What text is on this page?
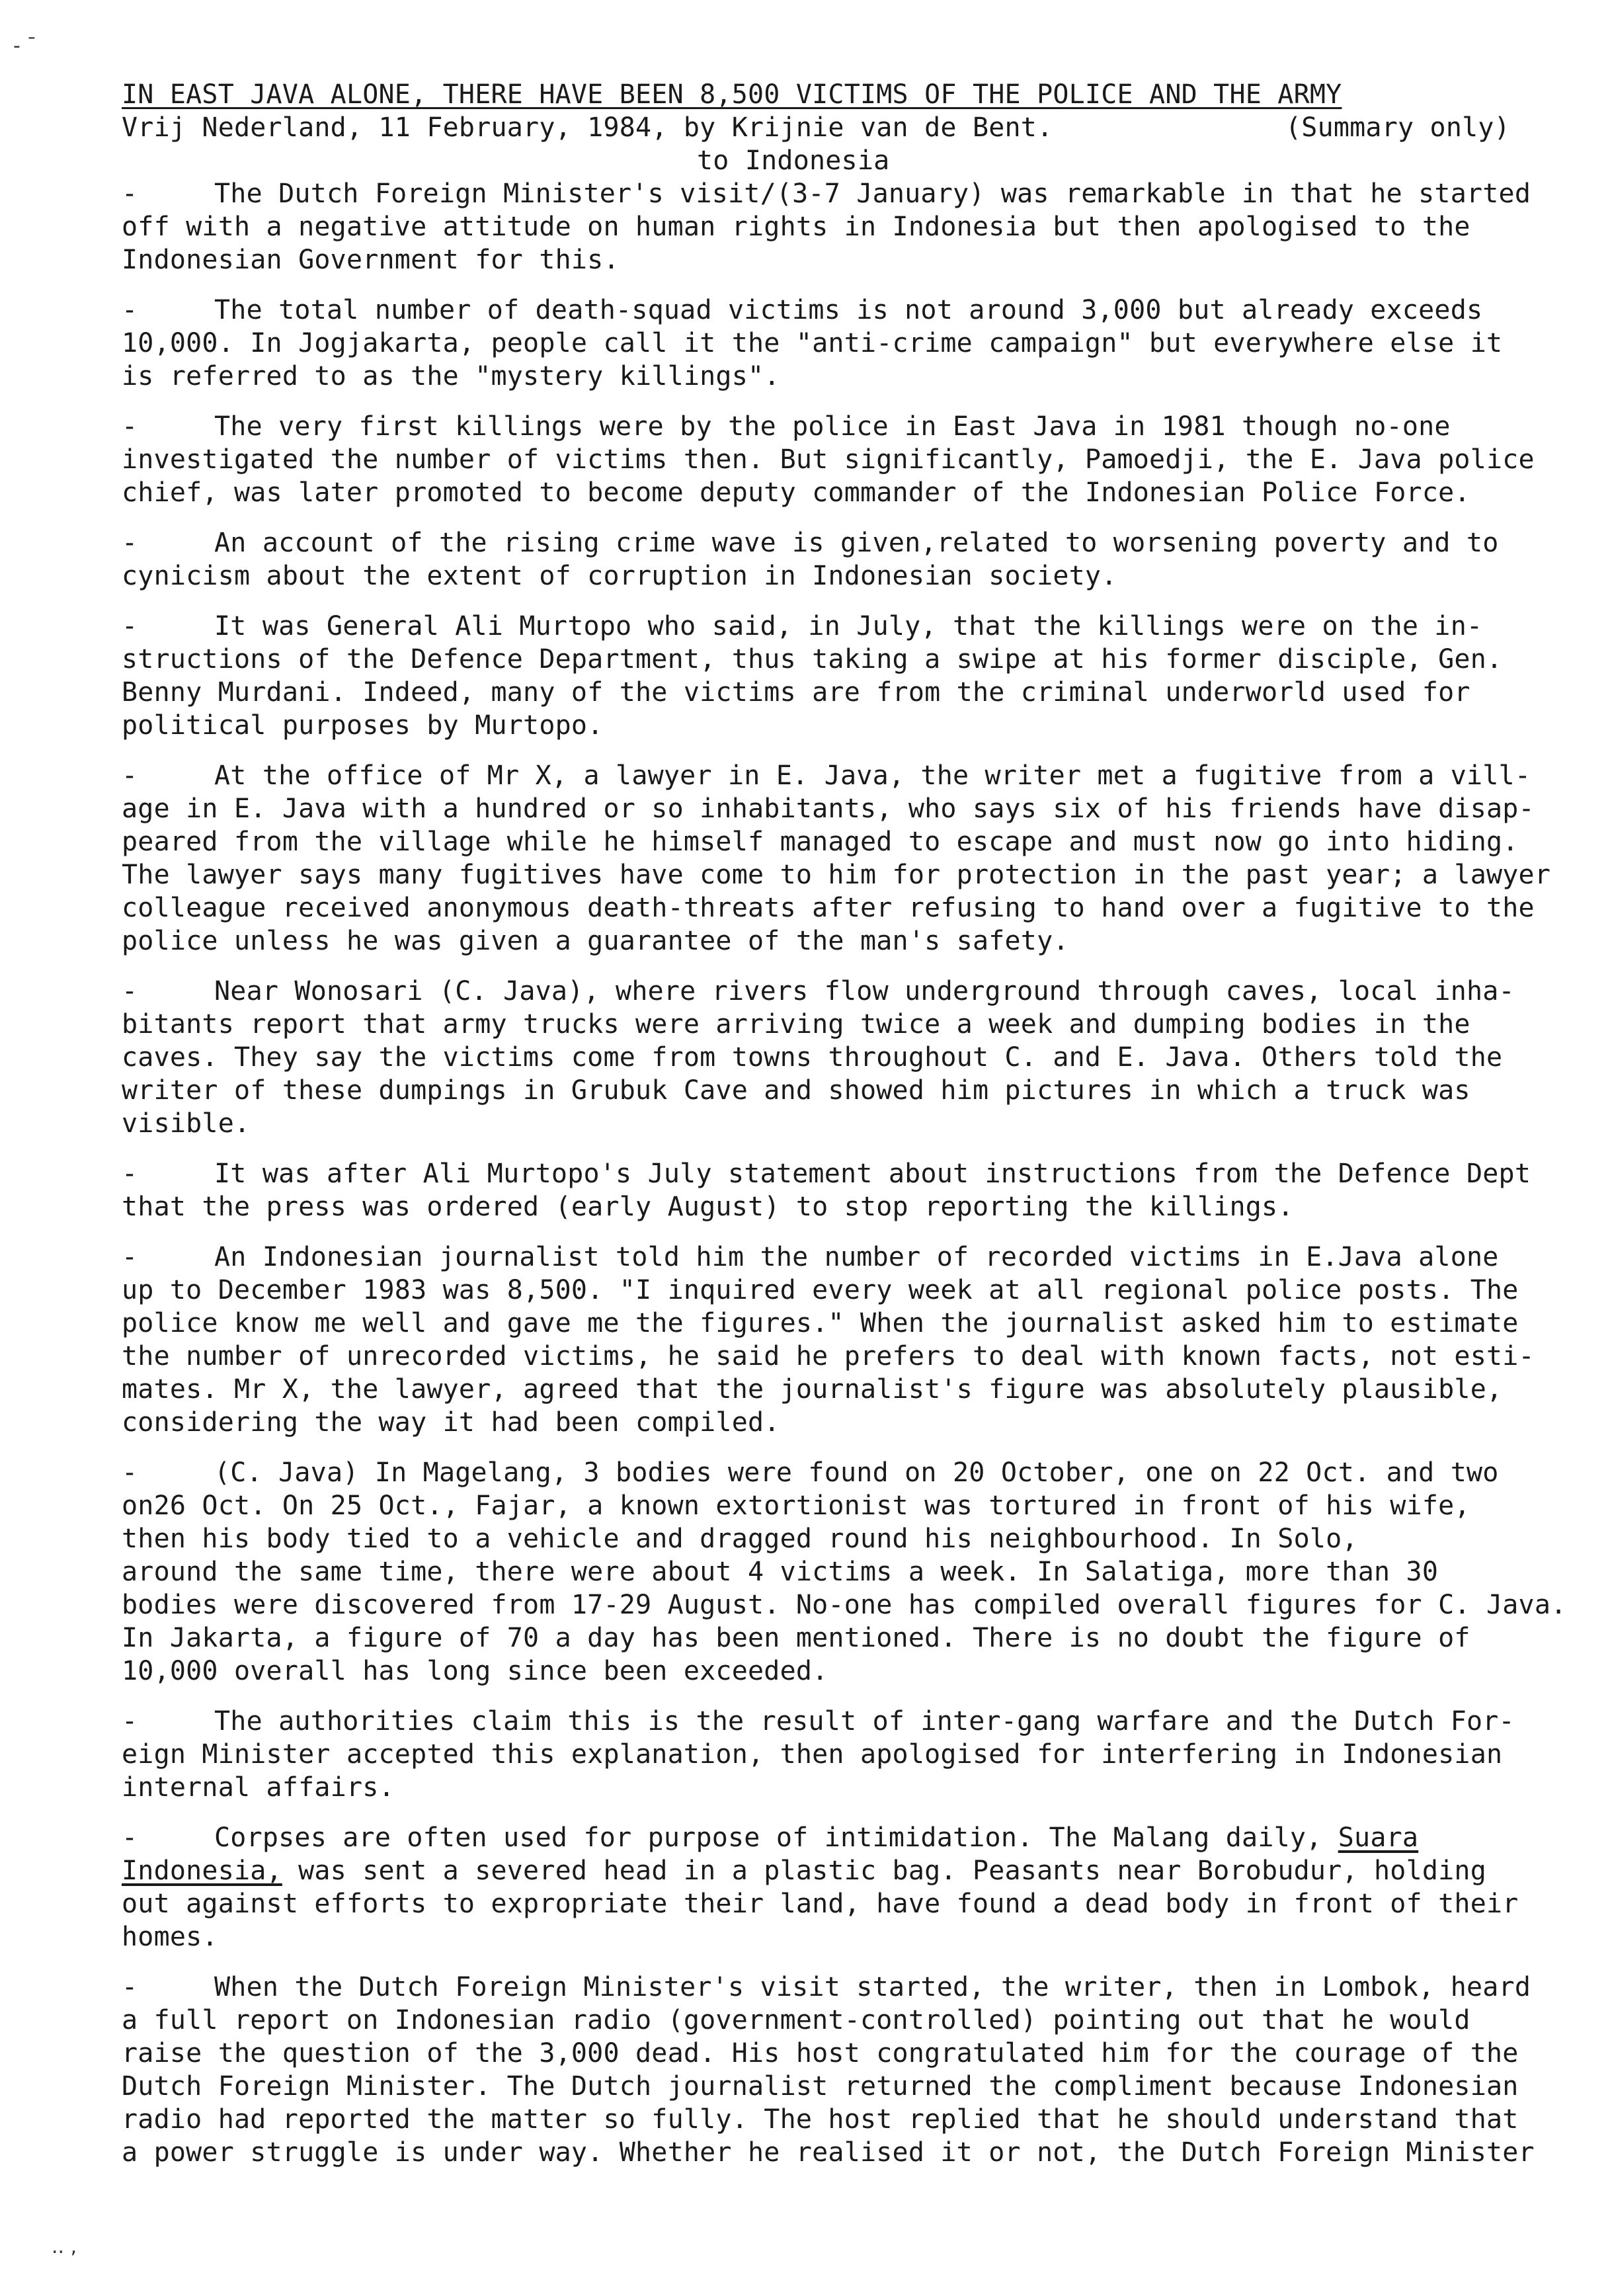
- ˉ
.. ,

IN EAST JAVA ALONE, THERE HAVE BEEN 8,500 VICTIMS OF THE POLICE AND THE ARMY

Vrij Nederland, 11 February, 1984, by Krijnie van de Bent.	(Summary only)

to Indonesia

-	The Dutch Foreign Minister's visit/(3-7 January) was remarkable in that he started
off with a negative attitude on human rights in Indonesia but then apologised to the
Indonesian Government for this.

-	The total number of death-squad victims is not around 3,000 but already exceeds
10,000. In Jogjakarta, people call it the "anti-crime campaign" but everywhere else it
is referred to as the "mystery killings".

-	The very first killings were by the police in East Java in 1981 though no-one
investigated the number of victims then. But significantly, Pamoedji, the E. Java police
chief, was later promoted to become deputy commander of the Indonesian Police Force.

-	An account of the rising crime wave is given,related to worsening poverty and to
cynicism about the extent of corruption in Indonesian society.

-	It was General Ali Murtopo who said, in July, that the killings were on the in-
structions of the Defence Department, thus taking a swipe at his former disciple, Gen.
Benny Murdani. Indeed, many of the victims are from the criminal underworld used for
political purposes by Murtopo.

-	At the office of Mr X, a lawyer in E. Java, the writer met a fugitive from a vill-
age in E. Java with a hundred or so inhabitants, who says six of his friends have disap-
peared from the village while he himself managed to escape and must now go into hiding.
The lawyer says many fugitives have come to him for protection in the past year; a lawyer
colleague received anonymous death-threats after refusing to hand over a fugitive to the
police unless he was given a guarantee of the man's safety.

-	Near Wonosari (C. Java), where rivers flow underground through caves, local inha-
bitants report that army trucks were arriving twice a week and dumping bodies in the
caves. They say the victims come from towns throughout C. and E. Java. Others told the
writer of these dumpings in Grubuk Cave and showed him pictures in which a truck was
visible.

-	It was after Ali Murtopo's July statement about instructions from the Defence Dept
that the press was ordered (early August) to stop reporting the killings.

-	An Indonesian journalist told him the number of recorded victims in E.Java alone
up to December 1983 was 8,500. "I inquired every week at all regional police posts. The
police know me well and gave me the figures." When the journalist asked him to estimate
the number of unrecorded victims, he said he prefers to deal with known facts, not esti-
mates. Mr X, the lawyer, agreed that the journalist's figure was absolutely plausible,
considering the way it had been compiled.

-	(C. Java) In Magelang, 3 bodies were found on 20 October, one on 22 Oct. and two
on26 Oct. On 25 Oct., Fajar, a known extortionist was tortured in front of his wife,
then his body tied to a vehicle and dragged round his neighbourhood. In Solo,
around the same time, there were about 4 victims a week. In Salatiga, more than 30
bodies were discovered from 17-29 August. No-one has compiled overall figures for C. Java.
In Jakarta, a figure of 70 a day has been mentioned. There is no doubt the figure of
10,000 overall has long since been exceeded.

-	The authorities claim this is the result of inter-gang warfare and the Dutch For-
eign Minister accepted this explanation, then apologised for interfering in Indonesian
internal affairs.

-	Corpses are often used for purpose of intimidation. The Malang daily, Suara
Indonesia, was sent a severed head in a plastic bag. Peasants near Borobudur, holding
out against efforts to expropriate their land, have found a dead body in front of their
homes.

-	When the Dutch Foreign Minister's visit started, the writer, then in Lombok, heard
a full report on Indonesian radio (government-controlled) pointing out that he would
raise the question of the 3,000 dead. His host congratulated him for the courage of the
Dutch Foreign Minister. The Dutch journalist returned the compliment because Indonesian
radio had reported the matter so fully. The host replied that he should understand that
a power struggle is under way. Whether he realised it or not, the Dutch Foreign Minister
